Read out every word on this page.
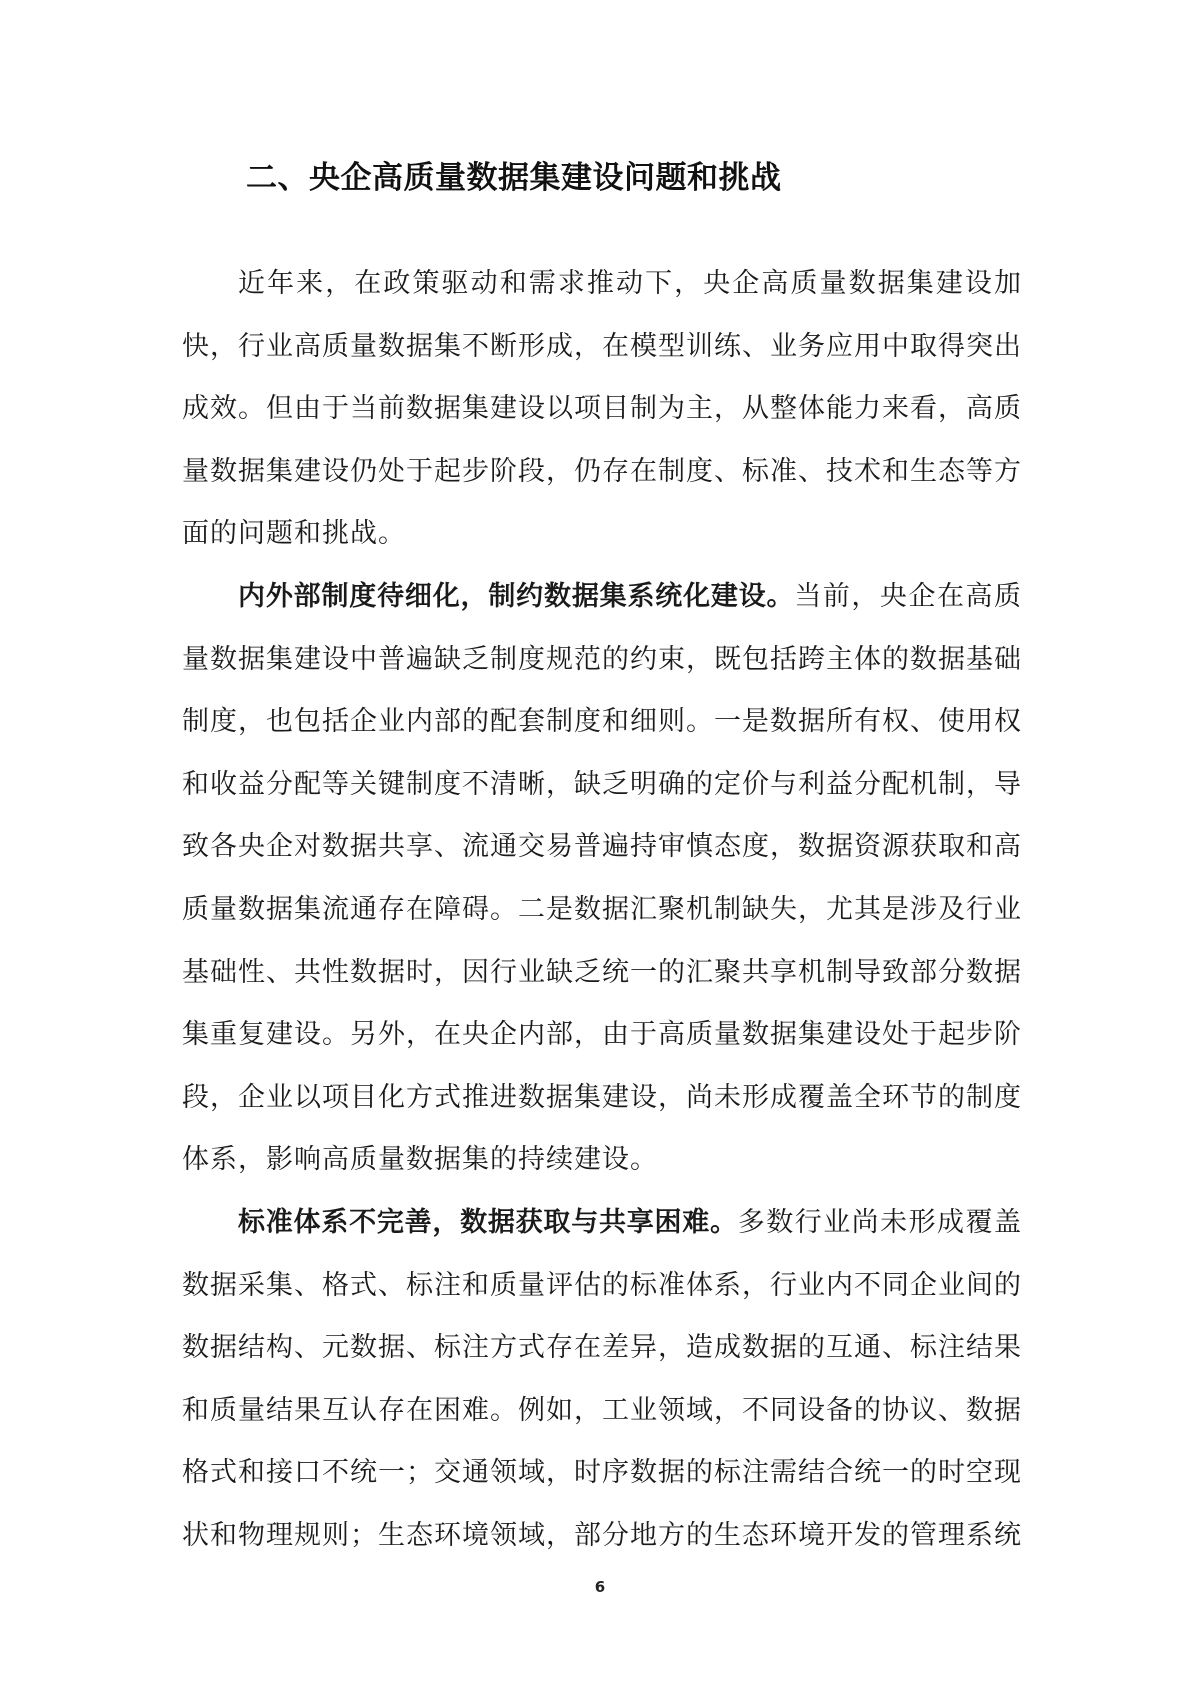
二、央企高质量数据集建设问题和挑战

近年来，在政策驱动和需求推动下，央企高质量数据集建设加快，行业高质量数据集不断形成，在模型训练、业务应用中取得突出成效。但由于当前数据集建设以项目制为主，从整体能力来看，高质量数据集建设仍处于起步阶段，仍存在制度、标准、技术和生态等方面的问题和挑战。

内外部制度待细化，制约数据集系统化建设。当前，央企在高质量数据集建设中普遍缺乏制度规范的约束，既包括跨主体的数据基础制度，也包括企业内部的配套制度和细则。一是数据所有权、使用权和收益分配等关键制度不清晰，缺乏明确的定价与利益分配机制，导致各央企对数据共享、流通交易普遍持审慎态度，数据资源获取和高质量数据集流通存在障碍。二是数据汇聚机制缺失，尤其是涉及行业基础性、共性数据时，因行业缺乏统一的汇聚共享机制导致部分数据集重复建设。另外，在央企内部，由于高质量数据集建设处于起步阶段，企业以项目化方式推进数据集建设，尚未形成覆盖全环节的制度体系，影响高质量数据集的持续建设。

标准体系不完善，数据获取与共享困难。多数行业尚未形成覆盖数据采集、格式、标注和质量评估的标准体系，行业内不同企业间的数据结构、元数据、标注方式存在差异，造成数据的互通、标注结果和质量结果互认存在困难。例如，工业领域，不同设备的协议、数据格式和接口不统一；交通领域，时序数据的标注需结合统一的时空现状和物理规则；生态环境领域，部分地方的生态环境开发的管理系统

6
